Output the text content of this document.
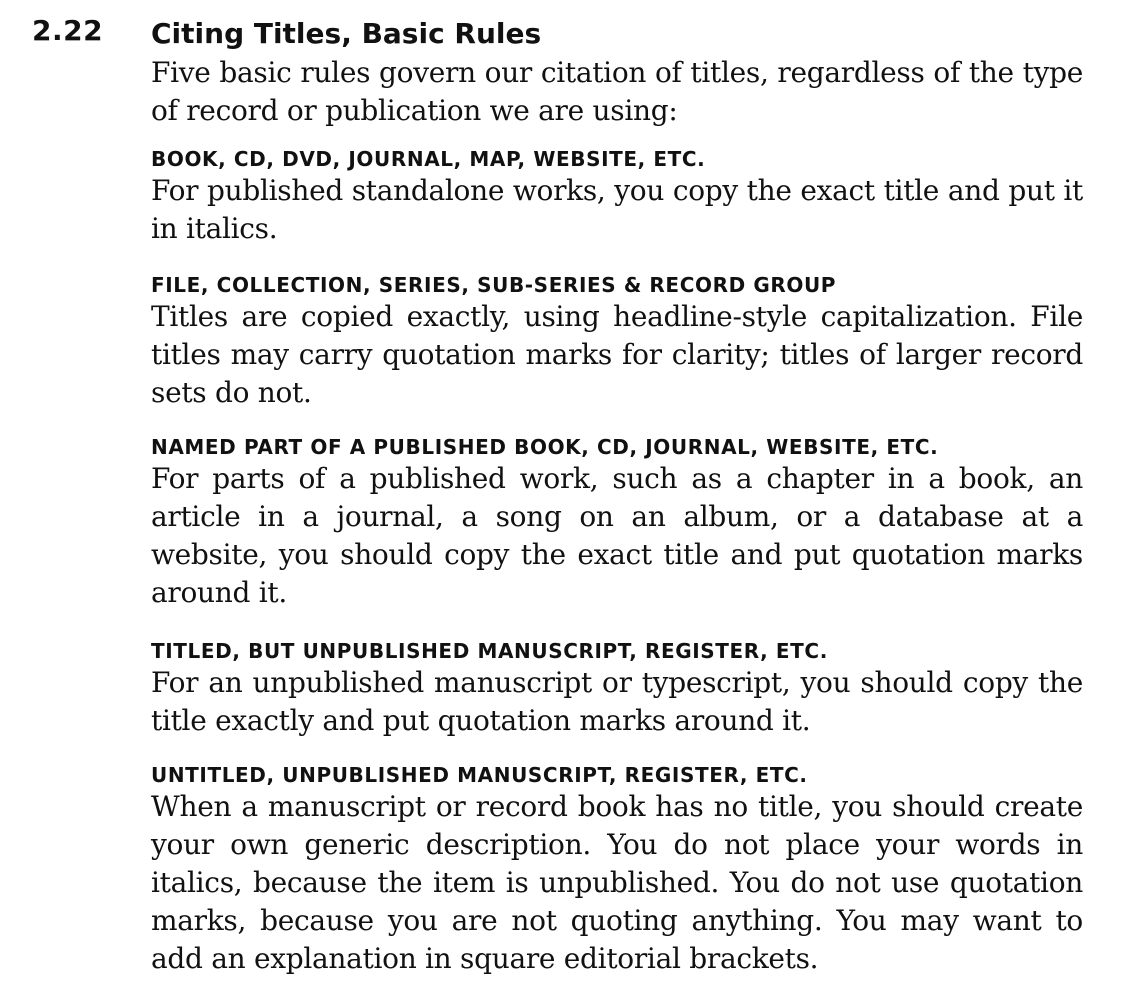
2.22 Citing Titles, Basic Rules

Five basic rules govern our citation of titles, regardless of the type of record or publication we are using:

BOOK, CD, DVD, JOURNAL, MAP, WEBSITE, ETC.

For published standalone works, you copy the exact title and put it in italics.

FILE, COLLECTION, SERIES, SUB-SERIES & RECORD GROUP

Titles are copied exactly, using headline-style capitalization. File titles may carry quotation marks for clarity; titles of larger record sets do not.

NAMED PART OF A PUBLISHED BOOK, CD, JOURNAL, WEBSITE, ETC.

For parts of a published work, such as a chapter in a book, an article in a journal, a song on an album, or a database at a website, you should copy the exact title and put quotation marks around it.

TITLED, BUT UNPUBLISHED MANUSCRIPT, REGISTER, ETC.

For an unpublished manuscript or typescript, you should copy the title exactly and put quotation marks around it.

UNTITLED, UNPUBLISHED MANUSCRIPT, REGISTER, ETC.

When a manuscript or record book has no title, you should create your own generic description. You do not place your words in italics, because the item is unpublished. You do not use quotation marks, because you are not quoting anything. You may want to add an explanation in square editorial brackets.
